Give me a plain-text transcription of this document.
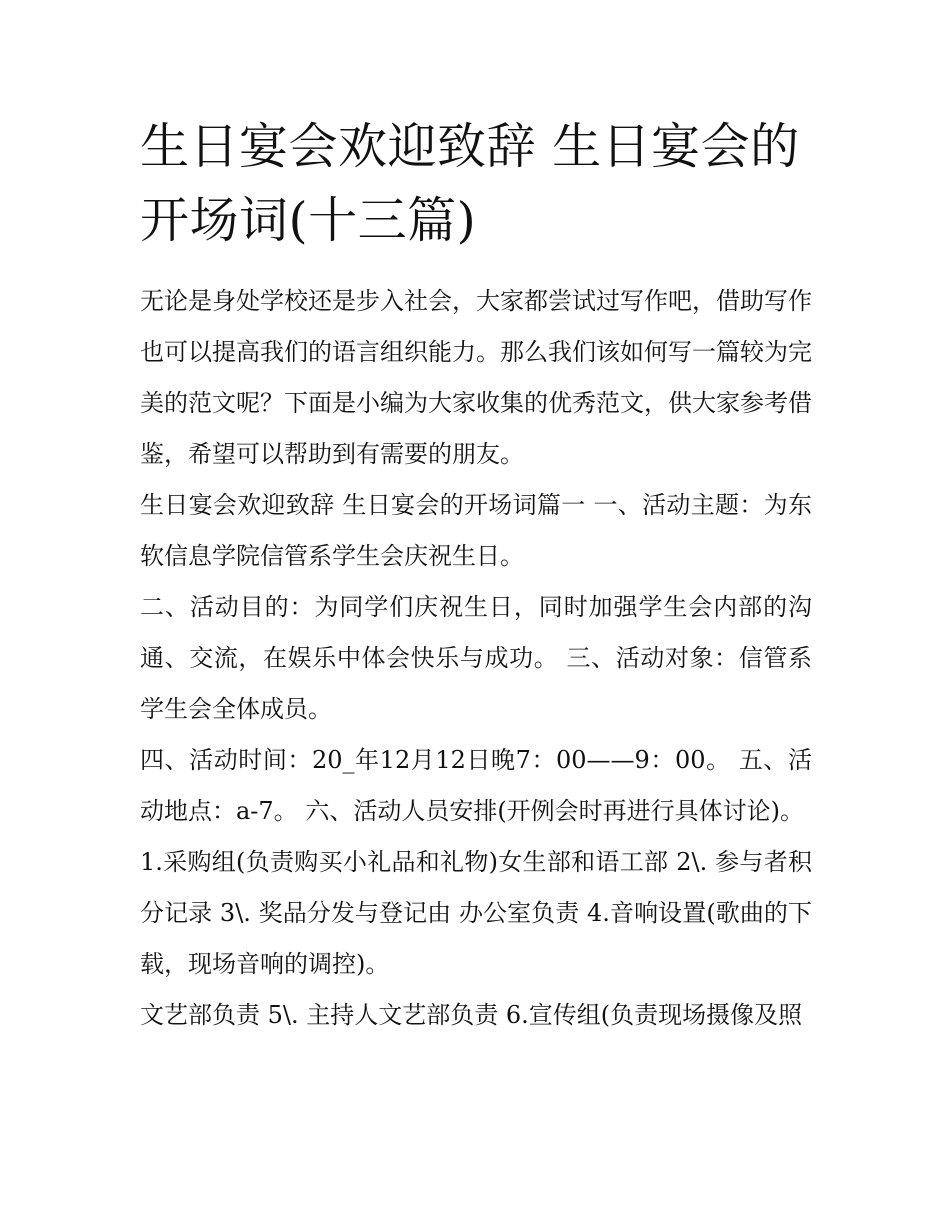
生日宴会欢迎致辞 生日宴会的开场词(十三篇)

无论是身处学校还是步入社会，大家都尝试过写作吧，借助写作也可以提高我们的语言组织能力。那么我们该如何写一篇较为完美的范文呢？下面是小编为大家收集的优秀范文，供大家参考借鉴，希望可以帮助到有需要的朋友。

生日宴会欢迎致辞 生日宴会的开场词篇一 一、活动主题：为东软信息学院信管系学生会庆祝生日。

二、活动目的：为同学们庆祝生日，同时加强学生会内部的沟通、交流，在娱乐中体会快乐与成功。 三、活动对象：信管系学生会全体成员。

四、活动时间：20_年12月12日晚7：00——9：00。 五、活动地点：a-7。 六、活动人员安排(开例会时再进行具体讨论)。

1.采购组(负责购买小礼品和礼物)女生部和语工部 2\. 参与者积分记录 3\. 奖品分发与登记由 办公室负责 4.音响设置(歌曲的下载，现场音响的调控)。

文艺部负责 5\. 主持人文艺部负责 6.宣传组(负责现场摄像及照
